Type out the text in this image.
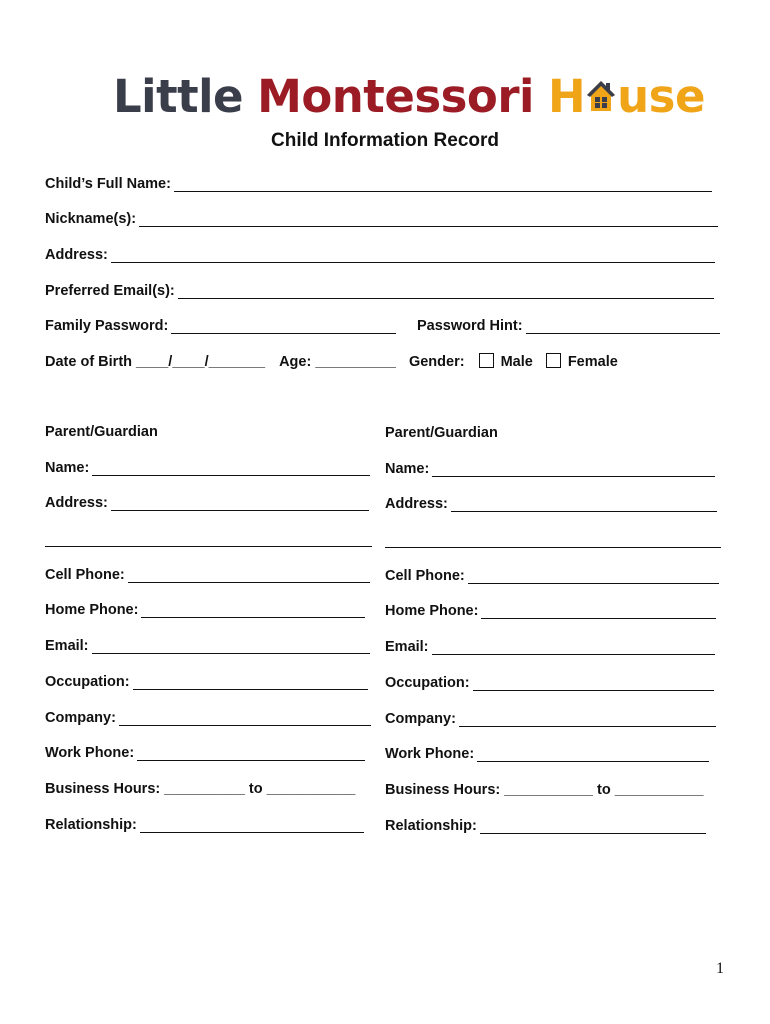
Little Montessori H use
Child Information Record
Child’s Full Name:
Nickname(s):
Address:
Preferred Email(s):
Family Password:	Password Hint:
Date of Birth ____/____/_______ Age: __________ Gender: Male Female
Parent/Guardian
Name:
Address:
Cell Phone:
Home Phone:
Email:
Occupation:
Company:
Work Phone:
Business Hours: __________ to ___________
Relationship:
Parent/Guardian
Name:
Address:
Cell Phone:
Home Phone:
Email:
Occupation:
Company:
Work Phone:
Business Hours: ___________ to ___________
Relationship:
1
